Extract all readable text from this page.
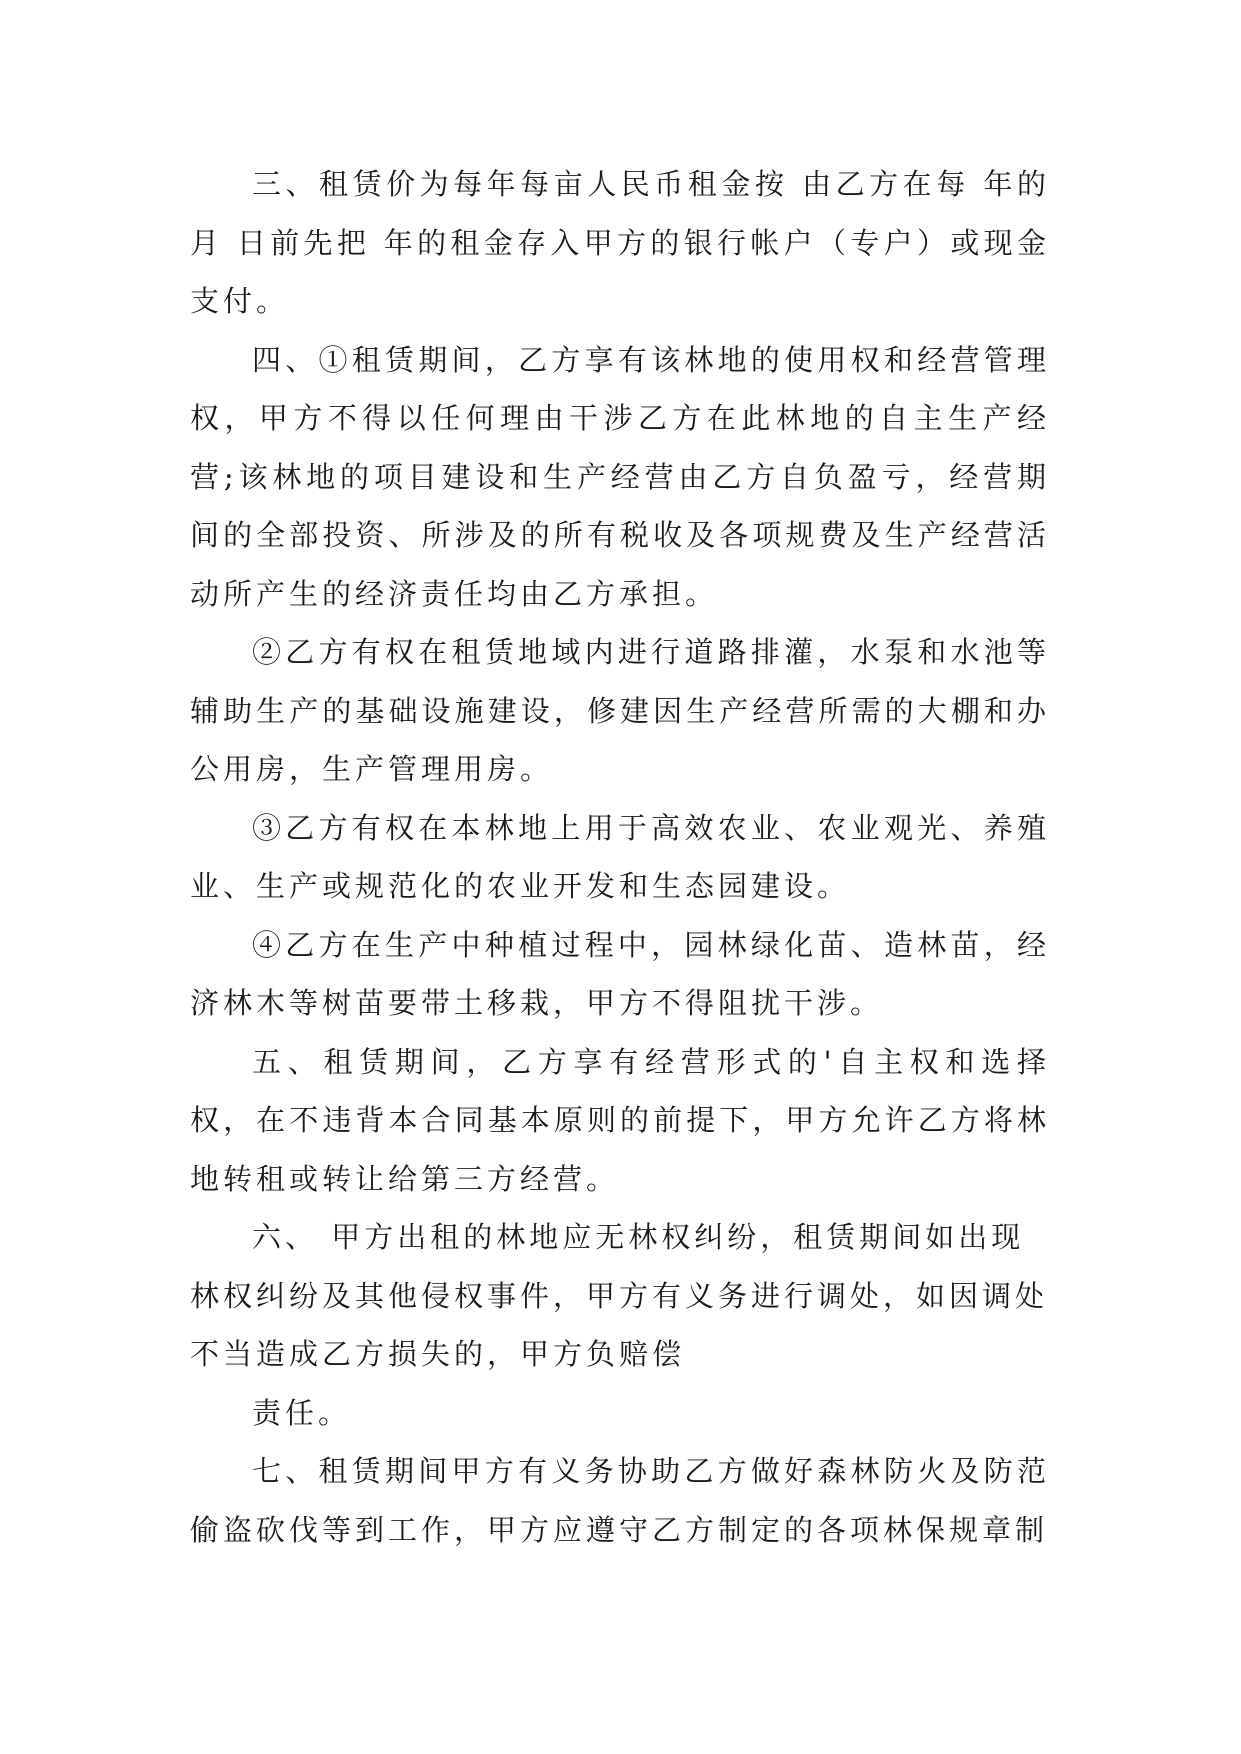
三、租赁价为每年每亩人民币租金按 由乙方在每 年的月 日前先把 年的租金存入甲方的银行帐户（专户）或现金支付。

四、①租赁期间，乙方享有该林地的使用权和经营管理权，甲方不得以任何理由干涉乙方在此林地的自主生产经营;该林地的项目建设和生产经营由乙方自负盈亏，经营期间的全部投资、所涉及的所有税收及各项规费及生产经营活动所产生的经济责任均由乙方承担。

②乙方有权在租赁地域内进行道路排灌，水泵和水池等辅助生产的基础设施建设，修建因生产经营所需的大棚和办公用房，生产管理用房。

③乙方有权在本林地上用于高效农业、农业观光、养殖业、生产或规范化的农业开发和生态园建设。

④乙方在生产中种植过程中，园林绿化苗、造林苗，经济林木等树苗要带土移栽，甲方不得阻扰干涉。

五、租赁期间，乙方享有经营形式的'自主权和选择权，在不违背本合同基本原则的前提下，甲方允许乙方将林地转租或转让给第三方经营。

六、 甲方出租的林地应无林权纠纷，租赁期间如出现林权纠纷及其他侵权事件，甲方有义务进行调处，如因调处不当造成乙方损失的，甲方负赔偿

责任。

七、租赁期间甲方有义务协助乙方做好森林防火及防范偷盗砍伐等到工作，甲方应遵守乙方制定的各项林保规章制
